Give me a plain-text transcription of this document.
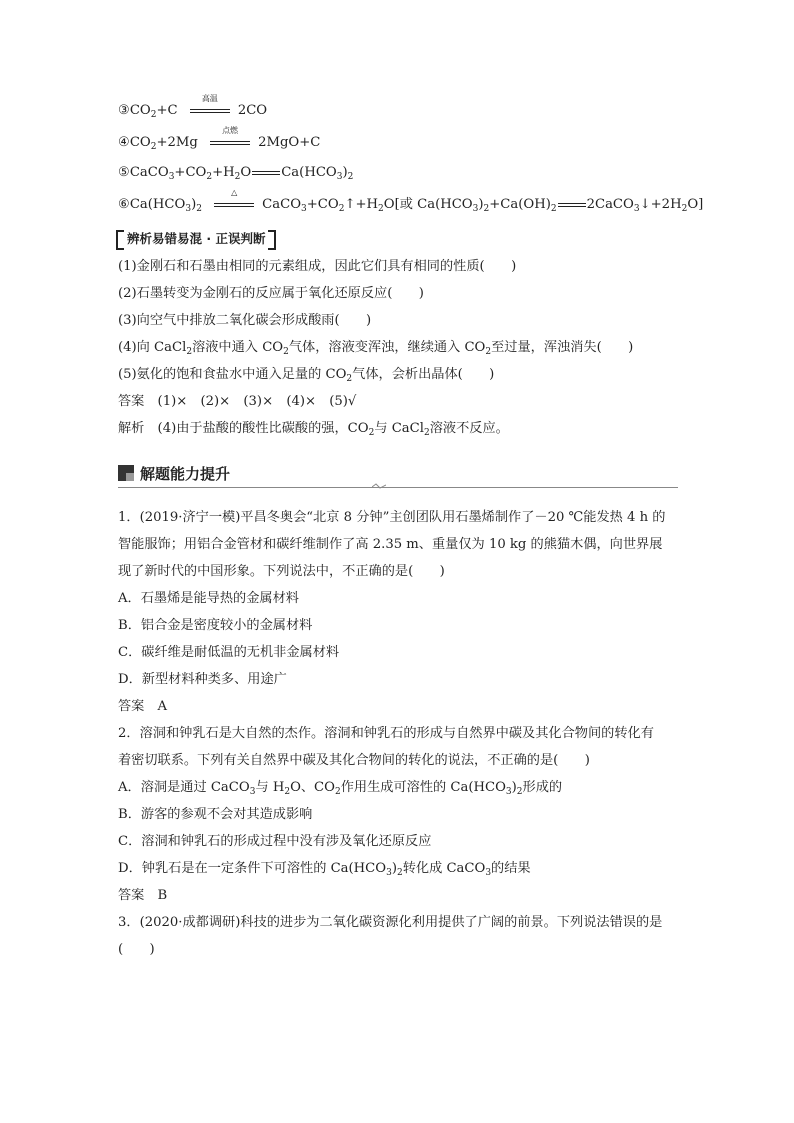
$③CO_2+C$
高温
2CO
$④CO_2+2Mg$
点燃
2MgO+C
$⑤CaCO_3+CO_2+H_2O$ $Ca(HCO_3)_2$
$⑥Ca(HCO_3)_2$
△
$CaCO_3+CO_2↑+H_2O$[或 $Ca(HCO_3)_2+Ca(OH)_2$ $2CaCO_3↓+2H_2O$]
辨析易错易混 · 正误判断
(1)金刚石和石墨由相同的元素组成，因此它们具有相同的性质(　　)
(2)石墨转变为金刚石的反应属于氧化还原反应(　　)
(3)向空气中排放二氧化碳会形成酸雨(　　)
(4)向 CaCl$_2$溶液中通入 $CO_2$气体，溶液变浑浊，继续通入 $CO_2$至过量，浑浊消失(　　)
(5)氨化的饱和食盐水中通入足量的 $CO_2$气体，会析出晶体(　　)
答案　(1)×　(2)×　(3)×　(4)×　(5)√
解析　(4)由于盐酸的酸性比碳酸的强，$CO_2$与 CaCl$_2$溶液不反应。
解题能力提升
1．(2019·济宁一模)平昌冬奥会“北京 8 分钟”主创团队用石墨烯制作了－20 ℃能发热 4 h 的
智能服饰；用铝合金管材和碳纤维制作了高 2.35 m、重量仅为 10 kg 的熊猫木偶，向世界展
现了新时代的中国形象。下列说法中，不正确的是(　　)
A．石墨烯是能导热的金属材料
B．铝合金是密度较小的金属材料
C．碳纤维是耐低温的无机非金属材料
D．新型材料种类多、用途广
答案　A
2．溶洞和钟乳石是大自然的杰作。溶洞和钟乳石的形成与自然界中碳及其化合物间的转化有
着密切联系。下列有关自然界中碳及其化合物间的转化的说法，不正确的是(　　)
A．溶洞是通过 CaCO$_3$与 $H_2O$、$CO_2$作用生成可溶性的 $Ca(HCO_3)_2$形成的
B．游客的参观不会对其造成影响
C．溶洞和钟乳石的形成过程中没有涉及氧化还原反应
D．钟乳石是在一定条件下可溶性的 $Ca(HCO_3)_2$转化成 CaCO$_3$的结果
答案　B
3．(2020·成都调研)科技的进步为二氧化碳资源化利用提供了广阔的前景。下列说法错误的是
(　　)
